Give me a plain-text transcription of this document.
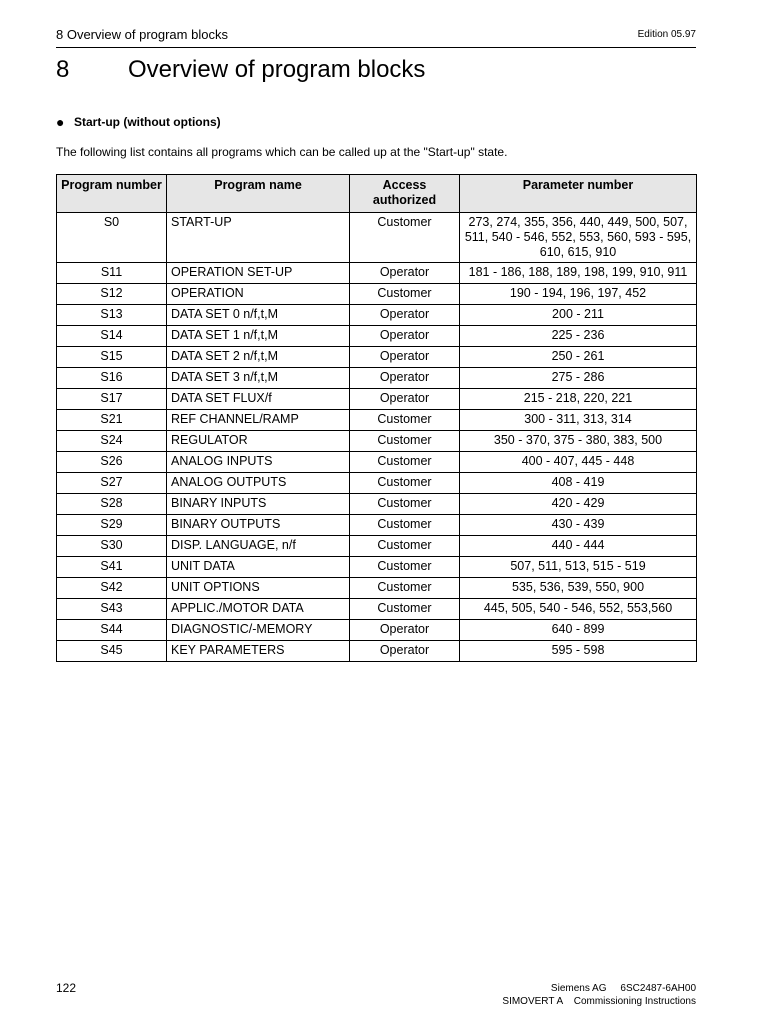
8 Overview of program blocks	Edition 05.97
8	Overview of program blocks
● Start-up (without options)
The following list contains all programs which can be called up at the "Start-up" state.
Program number	Program name	Access authorized	Parameter number
S0	START-UP	Customer	273, 274, 355, 356, 440, 449, 500, 507, 511, 540 - 546, 552, 553, 560, 593 - 595, 610, 615, 910
S11	OPERATION SET-UP	Operator	181 - 186, 188, 189, 198, 199, 910, 911
S12	OPERATION	Customer	190 - 194, 196, 197, 452
S13	DATA SET 0 n/f,t,M	Operator	200 - 211
S14	DATA SET 1 n/f,t,M	Operator	225 - 236
S15	DATA SET 2 n/f,t,M	Operator	250 - 261
S16	DATA SET 3 n/f,t,M	Operator	275 - 286
S17	DATA SET FLUX/f	Operator	215 - 218, 220, 221
S21	REF CHANNEL/RAMP	Customer	300 - 311, 313, 314
S24	REGULATOR	Customer	350 - 370, 375 - 380, 383, 500
S26	ANALOG INPUTS	Customer	400 - 407, 445 - 448
S27	ANALOG OUTPUTS	Customer	408 - 419
S28	BINARY INPUTS	Customer	420 - 429
S29	BINARY OUTPUTS	Customer	430 - 439
S30	DISP. LANGUAGE, n/f	Customer	440 - 444
S41	UNIT DATA	Customer	507, 511, 513, 515 - 519
S42	UNIT OPTIONS	Customer	535, 536, 539, 550, 900
S43	APPLIC./MOTOR DATA	Customer	445, 505, 540 - 546, 552, 553,560
S44	DIAGNOSTIC/-MEMORY	Operator	640 - 899
S45	KEY PARAMETERS	Operator	595 - 598
122	Siemens AG     6SC2487-6AH00
SIMOVERT A    Commissioning Instructions
